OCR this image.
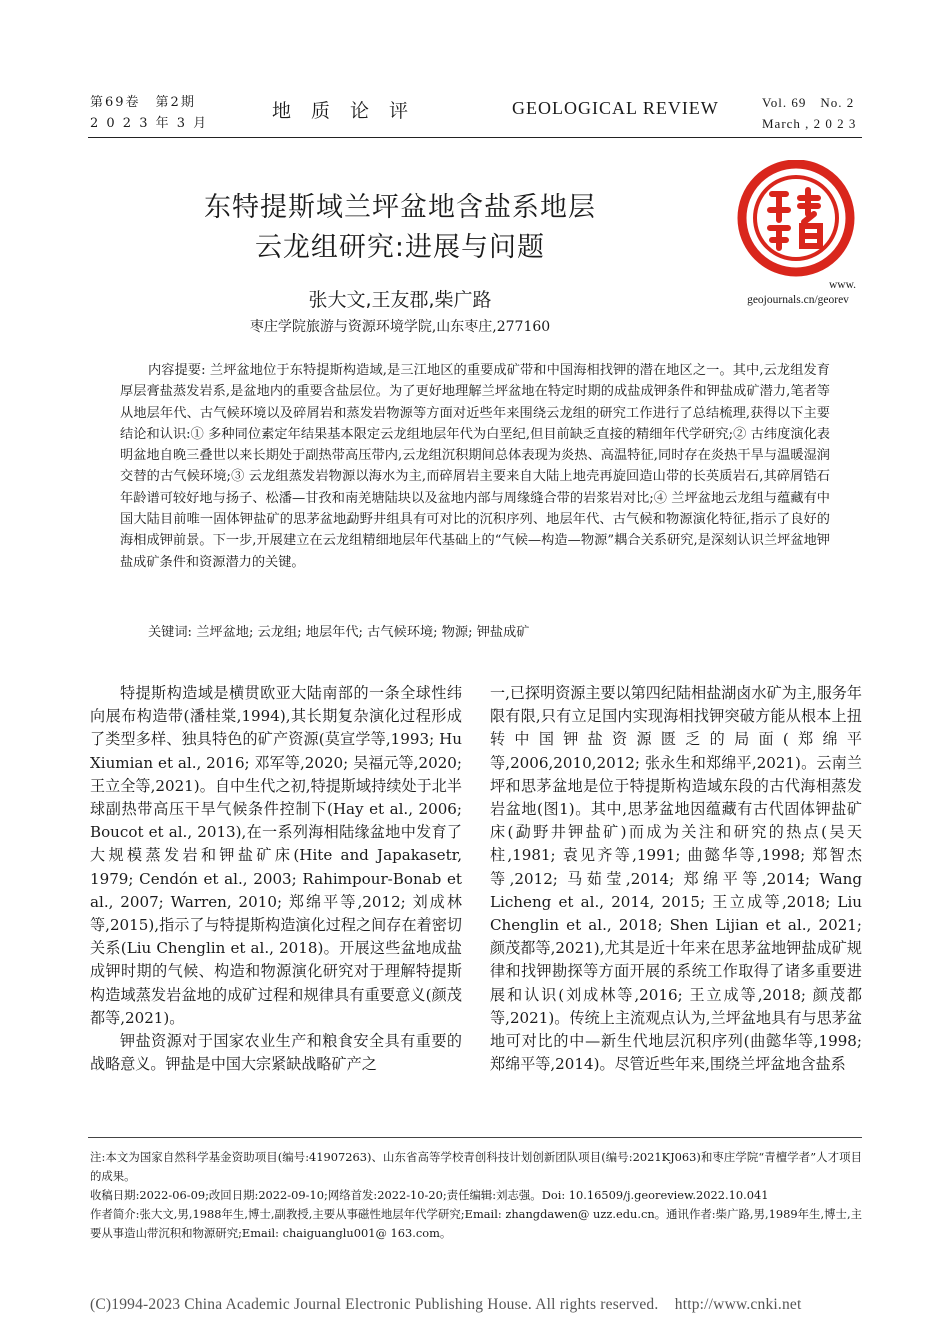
第69卷　第2期
2 0 2 3 年 3 月
地质论评	GEOLOGICAL REVIEW	Vol. 69　No. 2
March , 2 0 2 3
东特提斯域兰坪盆地含盐系地层
云龙组研究:进展与问题
张大文,王友郡,柴广路
枣庄学院旅游与资源环境学院,山东枣庄,277160
www.
geojournals.cn/georev
内容提要: 兰坪盆地位于东特提斯构造域,是三江地区的重要成矿带和中国海相找钾的潜在地区之一。其中,云龙组发育厚层膏盐蒸发岩系,是盆地内的重要含盐层位。为了更好地理解兰坪盆地在特定时期的成盐成钾条件和钾盐成矿潜力,笔者等从地层年代、古气候环境以及碎屑岩和蒸发岩物源等方面对近些年来围绕云龙组的研究工作进行了总结梳理,获得以下主要结论和认识:① 多种同位素定年结果基本限定云龙组地层年代为白垩纪,但目前缺乏直接的精细年代学研究;② 古纬度演化表明盆地自晚三叠世以来长期处于副热带高压带内,云龙组沉积期间总体表现为炎热、高温特征,同时存在炎热干旱与温暖湿润交替的古气候环境;③ 云龙组蒸发岩物源以海水为主,而碎屑岩主要来自大陆上地壳再旋回造山带的长英质岩石,其碎屑锆石年龄谱可较好地与扬子、松潘—甘孜和南羌塘陆块以及盆地内部与周缘缝合带的岩浆岩对比;④ 兰坪盆地云龙组与蕴藏有中国大陆目前唯一固体钾盐矿的思茅盆地勐野井组具有可对比的沉积序列、地层年代、古气候和物源演化特征,指示了良好的海相成钾前景。下一步,开展建立在云龙组精细地层年代基础上的“气候—构造—物源”耦合关系研究,是深刻认识兰坪盆地钾盐成矿条件和资源潜力的关键。
关键词: 兰坪盆地; 云龙组; 地层年代; 古气候环境; 物源; 钾盐成矿

特提斯构造域是横贯欧亚大陆南部的一条全球性纬向展布构造带(潘桂棠,1994),其长期复杂演化过程形成了类型多样、独具特色的矿产资源(莫宣学等,1993; Hu Xiumian et al., 2016; 邓军等,2020; 吴福元等,2020; 王立全等,2021)。自中生代之初,特提斯域持续处于北半球副热带高压干旱气候条件控制下(Hay et al., 2006; Boucot et al., 2013),在一系列海相陆缘盆地中发育了大规模蒸发岩和钾盐矿床(Hite and Japakasetr, 1979; Cendón et al., 2003; Rahimpour-Bonab et al., 2007; Warren, 2010; 郑绵平等,2012; 刘成林等,2015),指示了与特提斯构造演化过程之间存在着密切关系(Liu Chenglin et al., 2018)。开展这些盆地成盐成钾时期的气候、构造和物源演化研究对于理解特提斯构造域蒸发岩盆地的成矿过程和规律具有重要意义(颜茂都等,2021)。

钾盐资源对于国家农业生产和粮食安全具有重要的战略意义。钾盐是中国大宗紧缺战略矿产之

一,已探明资源主要以第四纪陆相盐湖卤水矿为主,服务年限有限,只有立足国内实现海相找钾突破方能从根本上扭转中国钾盐资源匮乏的局面(郑绵平等,2006,2010,2012; 张永生和郑绵平,2021)。云南兰坪和思茅盆地是位于特提斯构造域东段的古代海相蒸发岩盆地(图1)。其中,思茅盆地因蕴藏有古代固体钾盐矿床(勐野井钾盐矿)而成为关注和研究的热点(吴天柱,1981; 袁见齐等,1991; 曲懿华等,1998; 郑智杰等,2012; 马茹莹,2014; 郑绵平等,2014; Wang Licheng et al., 2014, 2015; 王立成等,2018; Liu Chenglin et al., 2018; Shen Lijian et al., 2021; 颜茂都等,2021),尤其是近十年来在思茅盆地钾盐成矿规律和找钾勘探等方面开展的系统工作取得了诸多重要进展和认识(刘成林等,2016; 王立成等,2018; 颜茂都等,2021)。传统上主流观点认为,兰坪盆地具有与思茅盆地可对比的中—新生代地层沉积序列(曲懿华等,1998; 郑绵平等,2014)。尽管近些年来,围绕兰坪盆地含盐系

注:本文为国家自然科学基金资助项目(编号:41907263)、山东省高等学校青创科技计划创新团队项目(编号:2021KJ063)和枣庄学院“青檀学者”人才项目的成果。

收稿日期:2022-06-09;改回日期:2022-09-10;网络首发:2022-10-20;责任编辑:刘志强。Doi: 10.16509/j.georeview.2022.10.041

作者简介:张大文,男,1988年生,博士,副教授,主要从事磁性地层年代学研究;Email: zhangdawen@ uzz.edu.cn。通讯作者:柴广路,男,1989年生,博士,主要从事造山带沉积和物源研究;Email: chaiguanglu001@ 163.com。

(C)1994-2023 China Academic Journal Electronic Publishing House. All rights reserved.    http://www.cnki.net
